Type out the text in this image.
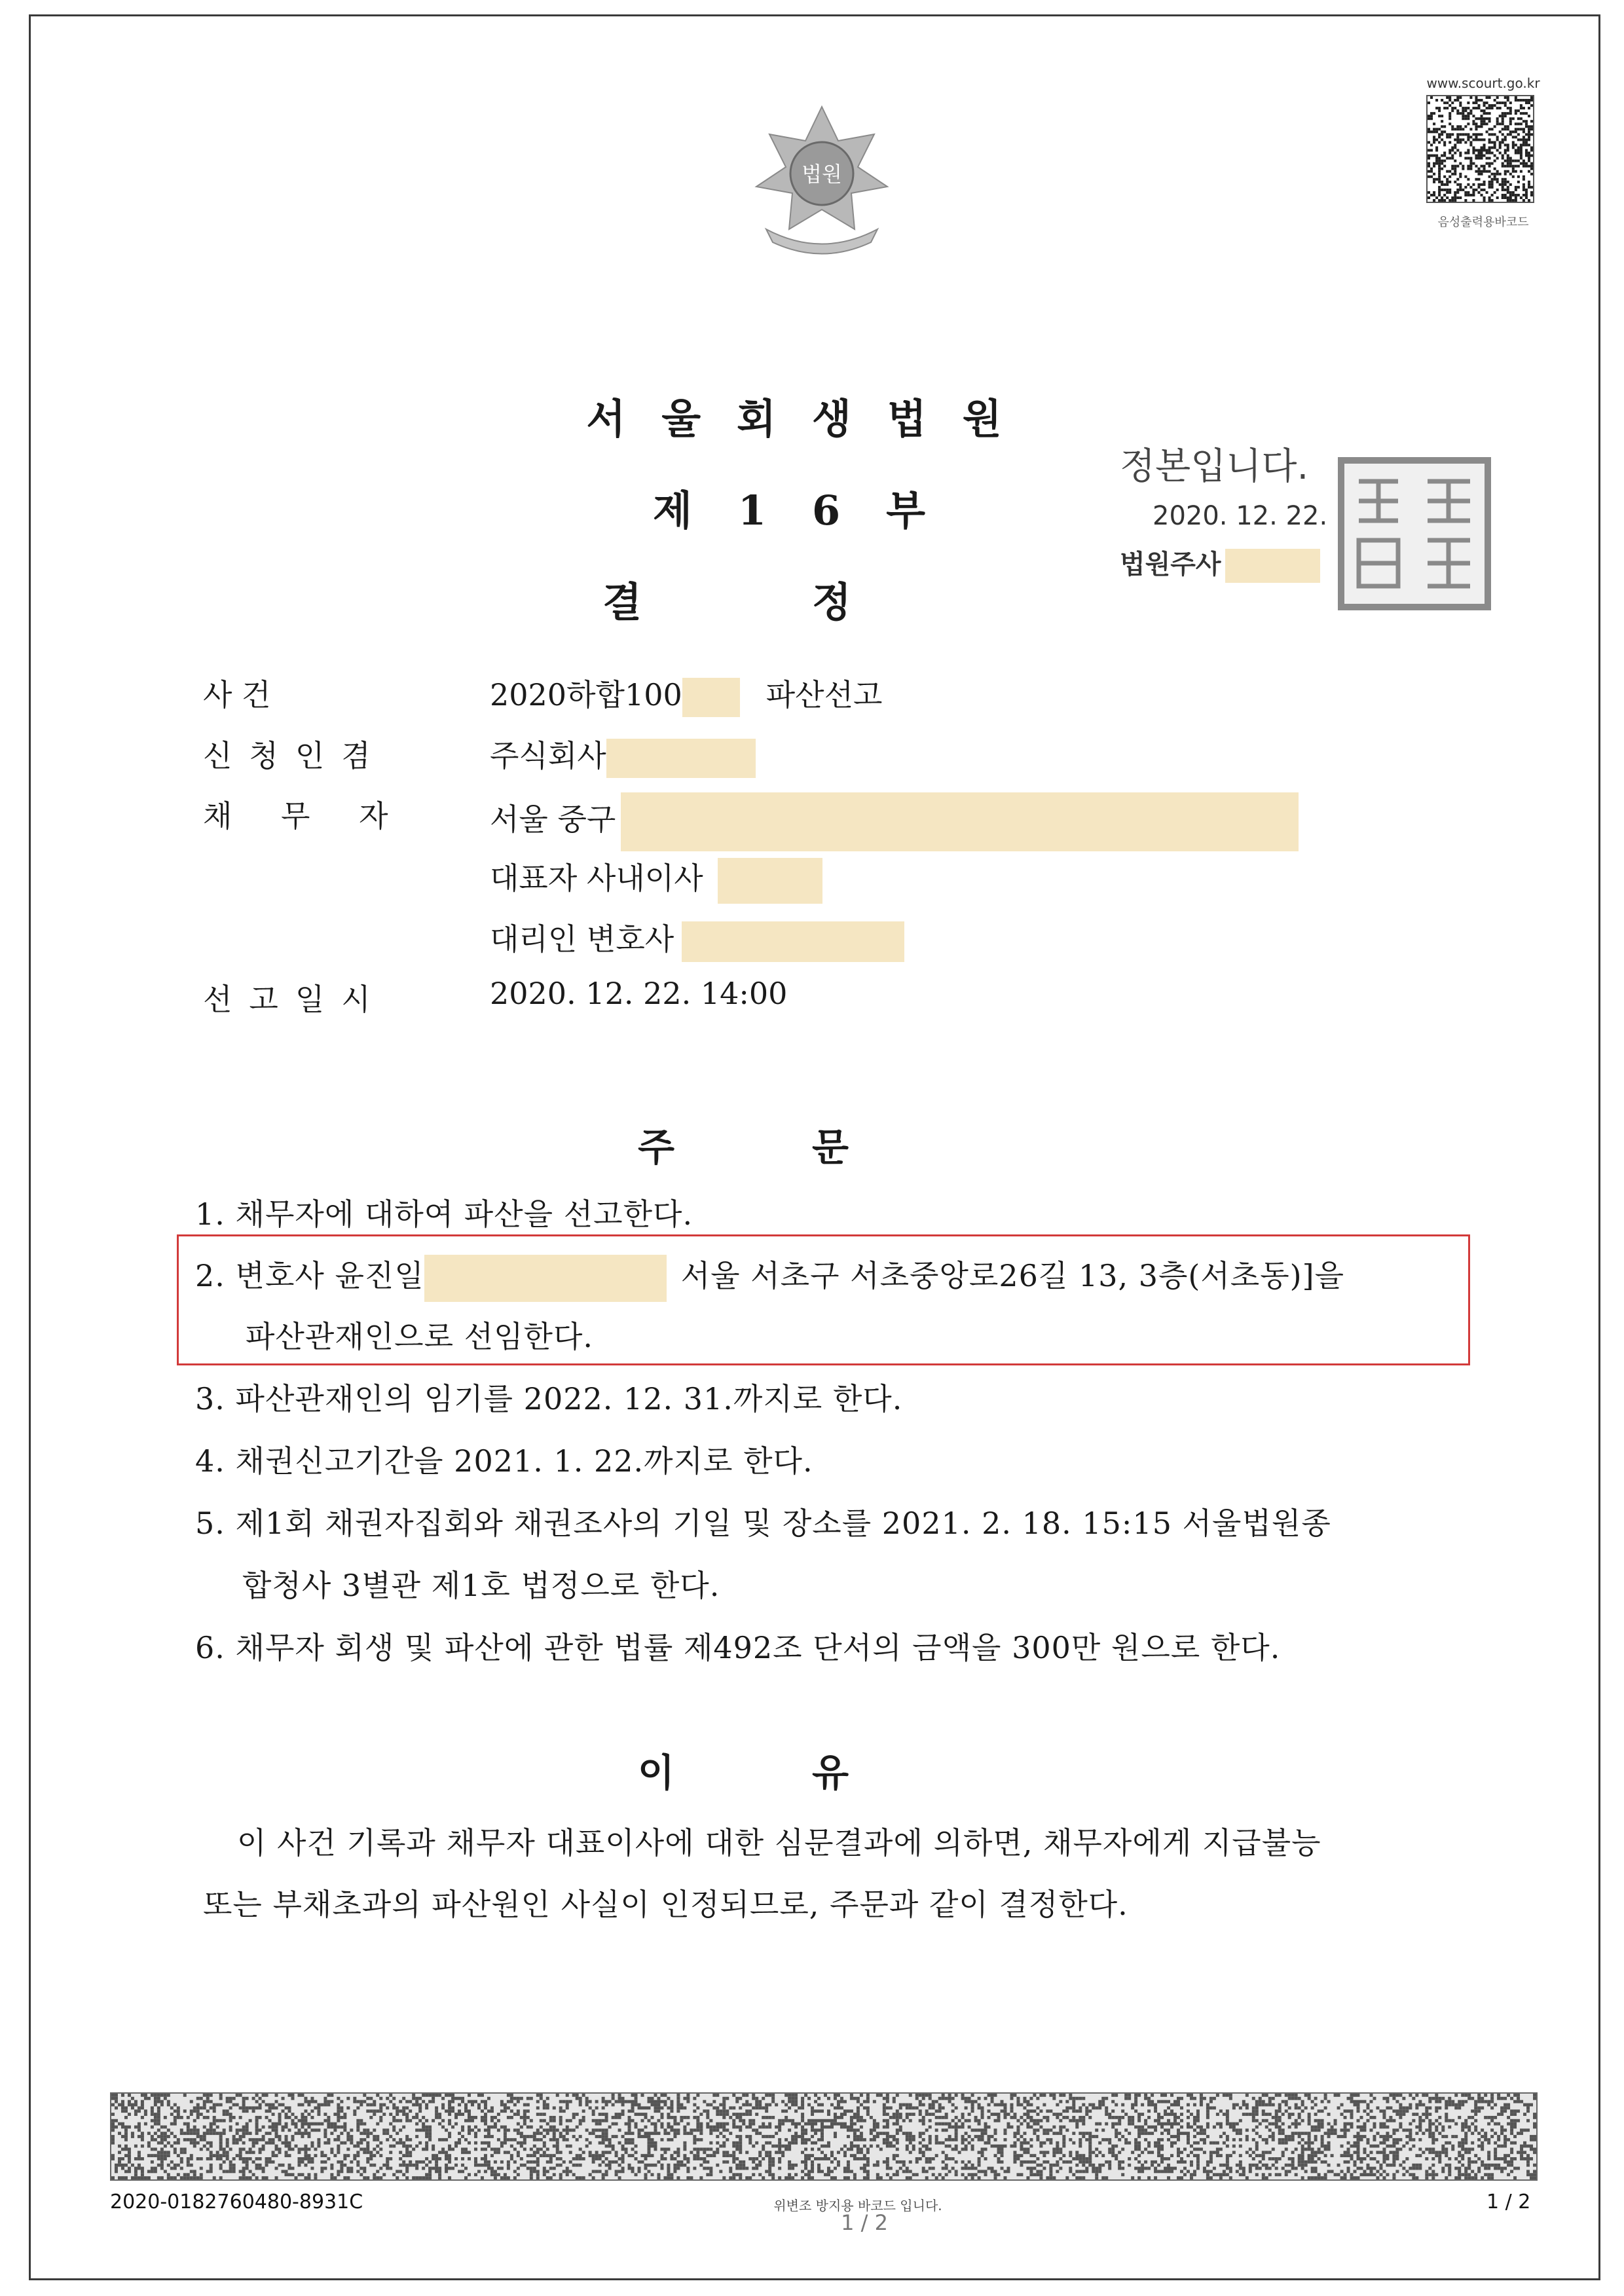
법원
www.scourt.go.kr
음성출력용바코드
서울회생법원
제16부
결정
정본입니다.
2020. 12. 22.
법원주사
사 건	2020하합100	파산선고
신청인겸	주식회사
채 무 자	서울 중구
대표자 사내이사
대리인 변호사
선고일시	2020. 12. 22. 14:00
주문
1. 채무자에 대하여 파산을 선고한다.
2. 변호사 윤진일	서울 서초구 서초중앙로26길 13, 3층(서초동)]을
파산관재인으로 선임한다.
3. 파산관재인의 임기를 2022. 12. 31.까지로 한다.
4. 채권신고기간을 2021. 1. 22.까지로 한다.
5. 제1회 채권자집회와 채권조사의 기일 및 장소를 2021. 2. 18. 15:15 서울법원종
합청사 3별관 제1호 법정으로 한다.
6. 채무자 회생 및 파산에 관한 법률 제492조 단서의 금액을 300만 원으로 한다.
이유
이 사건 기록과 채무자 대표이사에 대한 심문결과에 의하면, 채무자에게 지급불능
또는 부채초과의 파산원인 사실이 인정되므로, 주문과 같이 결정한다.
2020-0182760480-8931C	위변조 방지용 바코드 입니다.
1 / 2
1 / 2
